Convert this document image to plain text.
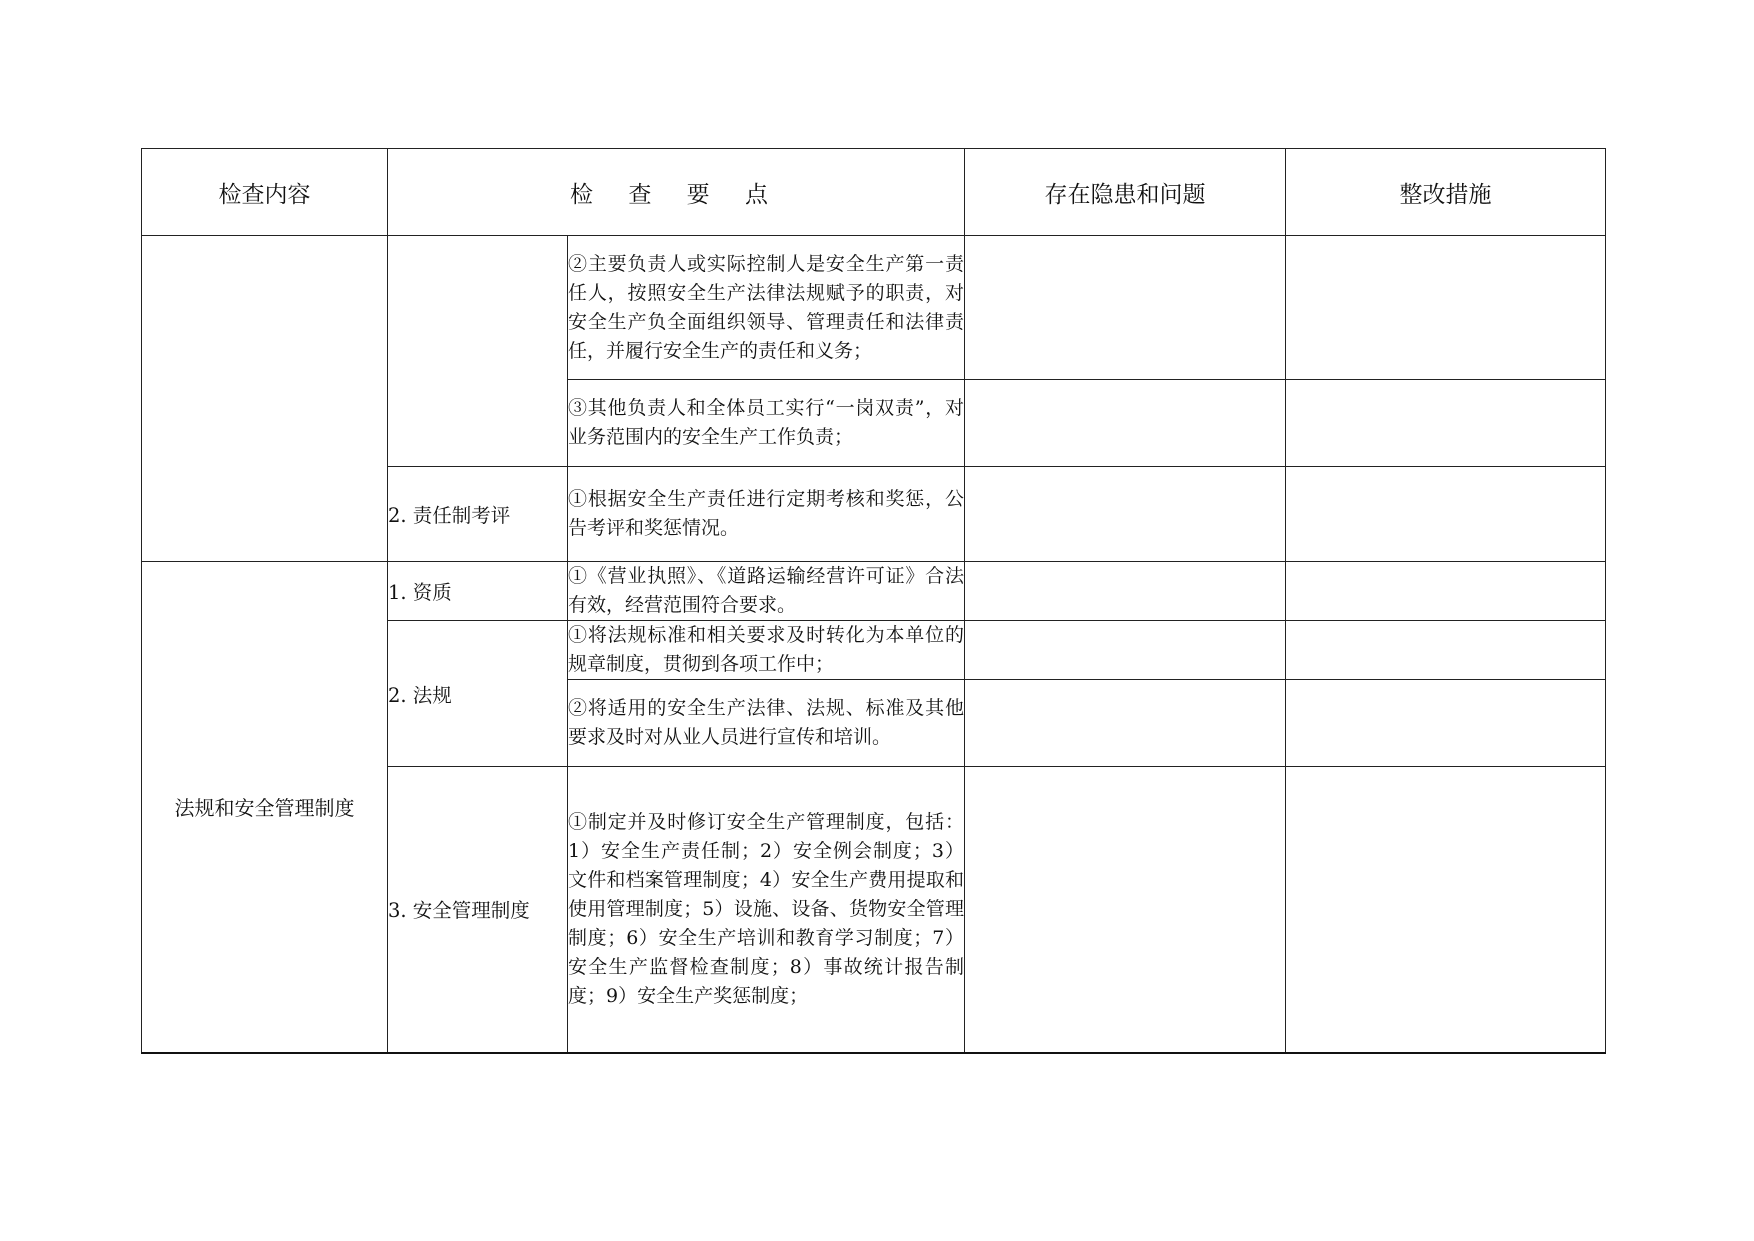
检查内容	检 查 要 点		存在隐患和问题	整改措施
		②主要负责人或实际控制人是安全生产第一责任人，按照安全生产法律法规赋予的职责，对安全生产负全面组织领导、管理责任和法律责任，并履行安全生产的责任和义务；		
		③其他负责人和全体员工实行“一岗双责”，对业务范围内的安全生产工作负责；		
	2. 责任制考评	①根据安全生产责任进行定期考核和奖惩，公告考评和奖惩情况。		
法规和安全管理制度	1. 资质	①《营业执照》、《道路运输经营许可证》合法有效，经营范围符合要求。		
	2. 法规	①将法规标准和相关要求及时转化为本单位的规章制度，贯彻到各项工作中；		
		②将适用的安全生产法律、法规、标准及其他要求及时对从业人员进行宣传和培训。		
	3. 安全管理制度	①制定并及时修订安全生产管理制度，包括：1）安全生产责任制；2）安全例会制度；3）文件和档案管理制度；4）安全生产费用提取和使用管理制度；5）设施、设备、货物安全管理制度；6）安全生产培训和教育学习制度；7）安全生产监督检查制度；8）事故统计报告制度；9）安全生产奖惩制度；		
